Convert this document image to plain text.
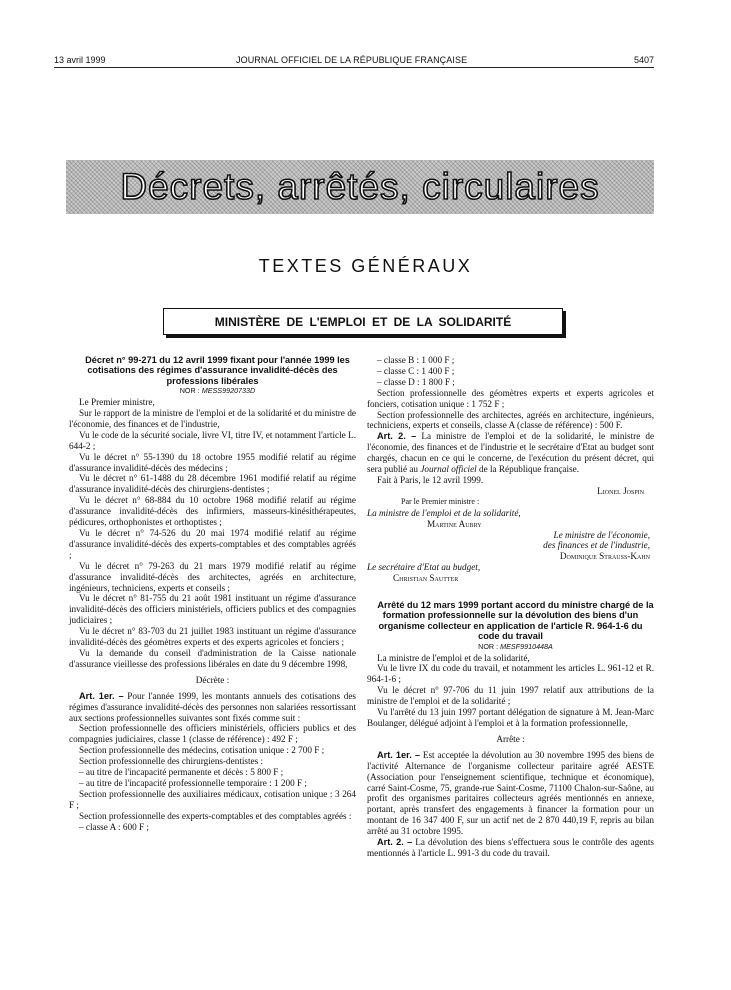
13 avril 1999	JOURNAL OFFICIEL DE LA RÉPUBLIQUE FRANÇAISE	5407
Décrets, arrêtés, circulaires
TEXTES GÉNÉRAUX
MINISTÈRE DE L'EMPLOI ET DE LA SOLIDARITÉ

Décret n° 99-271 du 12 avril 1999 fixant pour l'année 1999 les cotisations des régimes d'assurance invalidité-décès des professions libérales

NOR : MESS9920733D

Le Premier ministre,

Sur le rapport de la ministre de l'emploi et de la solidarité et du ministre de l'économie, des finances et de l'industrie,

Vu le code de la sécurité sociale, livre VI, titre IV, et notamment l'article L. 644-2 ;

Vu le décret n° 55-1390 du 18 octobre 1955 modifié relatif au régime d'assurance invalidité-décès des médecins ;

Vu le décret n° 61-1488 du 28 décembre 1961 modifié relatif au régime d'assurance invalidité-décès des chirurgiens-dentistes ;

Vu le décret n° 68-884 du 10 octobre 1968 modifié relatif au régime d'assurance invalidité-décès des infirmiers, masseurs-kinésithérapeutes, pédicures, orthophonistes et orthoptistes ;

Vu le décret n° 74-526 du 20 mai 1974 modifié relatif au régime d'assurance invalidité-décès des experts-comptables et des comptables agréés ;

Vu le décret n° 79-263 du 21 mars 1979 modifié relatif au régime d'assurance invalidité-décès des architectes, agréés en architecture, ingénieurs, techniciens, experts et conseils ;

Vu le décret n° 81-755 du 21 août 1981 instituant un régime d'assurance invalidité-décès des officiers ministériels, officiers publics et des compagnies judiciaires ;

Vu le décret n° 83-703 du 21 juillet 1983 instituant un régime d'assurance invalidité-décès des géomètres experts et des experts agricoles et fonciers ;

Vu la demande du conseil d'administration de la Caisse nationale d'assurance vieillesse des professions libérales en date du 9 décembre 1998,

Décrète :

Art. 1er. – Pour l'année 1999, les montants annuels des cotisations des régimes d'assurance invalidité-décès des personnes non salariées ressortissant aux sections professionnelles suivantes sont fixés comme suit :

Section professionnelle des officiers ministériels, officiers publics et des compagnies judiciaires, classe 1 (classe de référence) : 492 F ;

Section professionnelle des médecins, cotisation unique : 2 700 F ;

Section professionnelle des chirurgiens-dentistes :

– au titre de l'incapacité permanente et décès : 5 800 F ;

– au titre de l'incapacité professionnelle temporaire : 1 200 F ;

Section professionnelle des auxiliaires médicaux, cotisation unique : 3 264 F ;

Section professionnelle des experts-comptables et des comptables agréés :

– classe A : 600 F ;

– classe B : 1 000 F ;

– classe C : 1 400 F ;

– classe D : 1 800 F ;

Section professionnelle des géomètres experts et experts agricoles et fonciers, cotisation unique : 1 752 F ;

Section professionnelle des architectes, agréés en architecture, ingénieurs, techniciens, experts et conseils, classe A (classe de référence) : 500 F.

Art. 2. – La ministre de l'emploi et de la solidarité, le ministre de l'économie, des finances et de l'industrie et le secrétaire d'Etat au budget sont chargés, chacun en ce qui le concerne, de l'exécution du présent décret, qui sera publié au Journal officiel de la République française.

Fait à Paris, le 12 avril 1999.

Lionel Jospin

Par le Premier ministre :

La ministre de l'emploi et de la solidarité,

Martine Aubry

Le ministre de l'économie,

des finances et de l'industrie,

Dominique Strauss-Kahn

Le secrétaire d'Etat au budget,

Christian Sautter

Arrêté du 12 mars 1999 portant accord du ministre chargé de la formation professionnelle sur la dévolution des biens d'un organisme collecteur en application de l'article R. 964-1-6 du code du travail

NOR : MESF9910448A

La ministre de l'emploi et de la solidarité,

Vu le livre IX du code du travail, et notamment les articles L. 961-12 et R. 964-1-6 ;

Vu le décret n° 97-706 du 11 juin 1997 relatif aux attributions de la ministre de l'emploi et de la solidarité ;

Vu l'arrêté du 13 juin 1997 portant délégation de signature à M. Jean-Marc Boulanger, délégué adjoint à l'emploi et à la formation professionnelle,

Arrête :

Art. 1er. – Est acceptée la dévolution au 30 novembre 1995 des biens de l'activité Alternance de l'organisme collecteur paritaire agréé AESTE (Association pour l'enseignement scientifique, technique et économique), carré Saint-Cosme, 75, grande-rue Saint-Cosme, 71100 Chalon-sur-Saône, au profit des organismes paritaires collecteurs agréés mentionnés en annexe, portant, après transfert des engagements à financer la formation pour un montant de 16 347 400 F, sur un actif net de 2 870 440,19 F, repris au bilan arrêté au 31 octobre 1995.

Art. 2. – La dévolution des biens s'effectuera sous le contrôle des agents mentionnés à l'article L. 991-3 du code du travail.
